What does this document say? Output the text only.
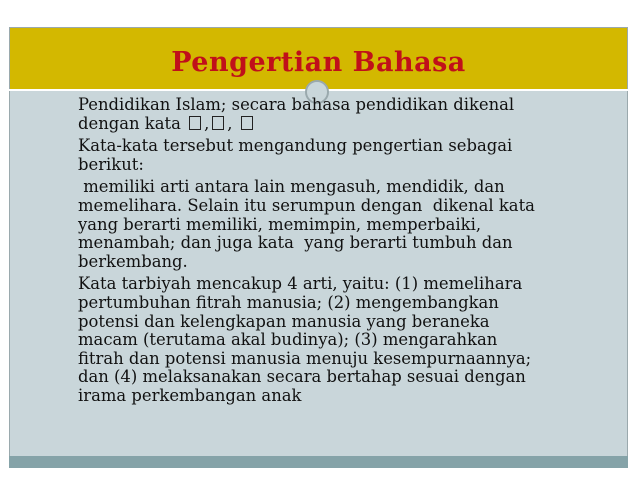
Pengertian Bahasa
Pendidikan Islam; secara bahasa pendidikan dikenal
dengan kata , ,
Kata-kata tersebut mengandung pengertian sebagai
berikut:
memiliki arti antara lain mengasuh, mendidik, dan
memelihara. Selain itu serumpun dengan  dikenal kata
yang berarti memiliki, memimpin, memperbaiki,
menambah; dan juga kata  yang berarti tumbuh dan
berkembang.
Kata tarbiyah mencakup 4 arti, yaitu: (1) memelihara
pertumbuhan fitrah manusia; (2) mengembangkan
potensi dan kelengkapan manusia yang beraneka
macam (terutama akal budinya); (3) mengarahkan
fitrah dan potensi manusia menuju kesempurnaannya;
dan (4) melaksanakan secara bertahap sesuai dengan
irama perkembangan anak
